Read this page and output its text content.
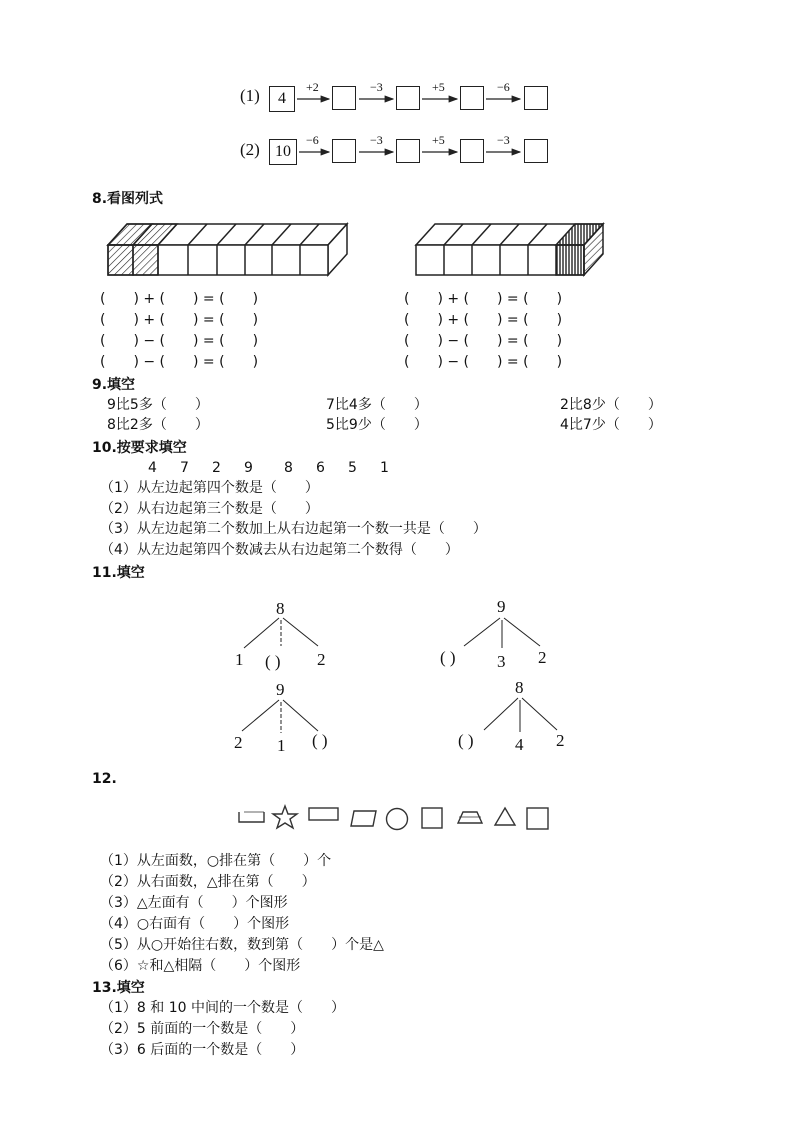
(1)	4
(2) 10
+2	−3	+5	−6
−6	−3	+5	−3
8.看图列式
(　　) + (　　) = (　　)
(　　) + (　　) = (　　)
(　　) − (　　) = (　　)
(　　) − (　　) = (　　)
(　　) + (　　) = (　　)
(　　) + (　　) = (　　)
(　　) − (　　) = (　　)
(　　) − (　　) = (　　)
9.填空
9比5多（　　）	7比4多（　　）	2比8少（　　）
8比2多（　　）	5比9少（　　）	4比7少（　　）
10.按要求填空
4 7 2 9 8 6 5 1
（1）从左边起第四个数是（　　）
（2）从右边起第三个数是（　　）
（3）从左边起第二个数加上从右边起第一个数一共是（　　）
（4）从左边起第四个数减去从右边起第二个数得（　　）
11.填空
8
1 ( ) 2
9
( ) 3 2
9
2 1 ( )
8
( ) 4 2
12.
（1）从左面数，○排在第（　　）个
（2）从右面数，△排在第（　　）
（3）△左面有（　　）个图形
（4）○右面有（　　）个图形
（5）从○开始往右数，数到第（　　）个是△
（6）☆和△相隔（　　）个图形
13.填空
（1）8 和 10 中间的一个数是（　　）
（2）5 前面的一个数是（　　）
（3）6 后面的一个数是（　　）
